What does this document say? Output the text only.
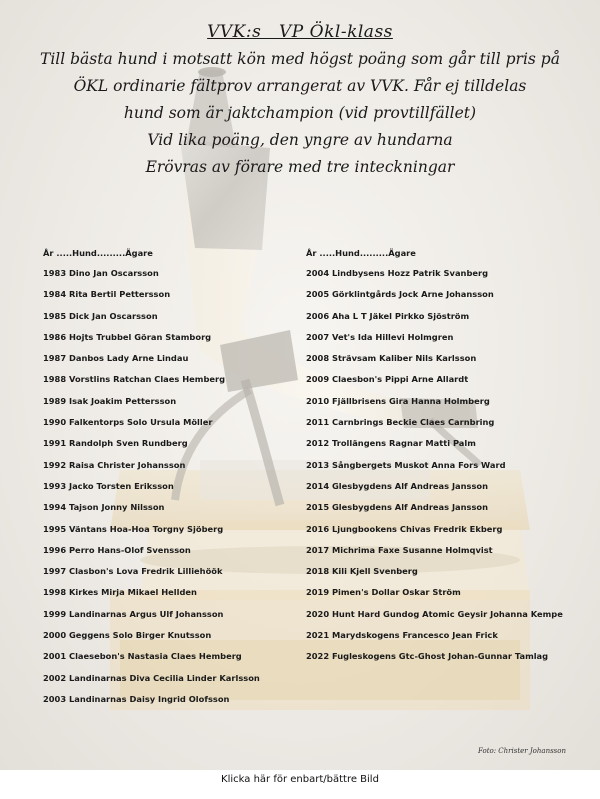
VVK:s   VP Ökl-klass
Till bästa hund i motsatt kön med högst poäng som går till pris på
ÖKL ordinarie fältprov arrangerat av VVK. Får ej tilldelas
hund som är jaktchampion (vid provtillfället)
Vid lika poäng, den yngre av hundarna
Erövras av förare med tre inteckningar
År .....Hund.........Ägare
1983 Dino Jan Oscarsson
1984 Rita Bertil Pettersson
1985 Dick Jan Oscarsson
1986 Hojts Trubbel Göran Stamborg
1987 Danbos Lady Arne Lindau
1988 Vorstlins Ratchan Claes Hemberg
1989 Isak Joakim Pettersson
1990 Falkentorps Solo Ursula Möller
1991 Randolph Sven Rundberg
1992 Raisa Christer Johansson
1993 Jacko Torsten Eriksson
1994 Tajson Jonny Nilsson
1995 Väntans Hoa-Hoa Torgny Sjöberg
1996 Perro Hans-Olof Svensson
1997 Clasbon's Lova Fredrik Lilliehöök
1998 Kirkes Mirja Mikael Hellden
1999 Landinarnas Argus Ulf Johansson
2000 Geggens Solo Birger Knutsson
2001 Claesebon's Nastasia Claes Hemberg
2002 Landinarnas Diva Cecilia Linder Karlsson
2003 Landinarnas Daisy Ingrid Olofsson
År .....Hund.........Ägare
2004 Lindbysens Hozz Patrik Svanberg
2005 Görklintgårds Jock Arne Johansson
2006 Aha L T Jäkel Pirkko Sjöström
2007 Vet's Ida Hillevi Holmgren
2008 Strävsam Kaliber Nils Karlsson
2009 Claesbon's Pippi Arne Allardt
2010 Fjällbrisens Gira Hanna Holmberg
2011 Carnbrings Beckie Claes Carnbring
2012 Trollängens Ragnar Matti Palm
2013 Sångbergets Muskot Anna Fors Ward
2014 Glesbygdens Alf Andreas Jansson
2015 Glesbygdens Alf Andreas Jansson
2016 Ljungbookens Chivas Fredrik Ekberg
2017 Michrima Faxe Susanne Holmqvist
2018 Kili Kjell Svenberg
2019 Pimen's Dollar Oskar Ström
2020 Hunt Hard Gundog Atomic Geysir Johanna Kempe
2021 Marydskogens Francesco Jean Frick
2022 Fugleskogens Gtc-Ghost Johan-Gunnar Tamlag
Foto: Christer Johansson
Klicka här för enbart/bättre Bild
